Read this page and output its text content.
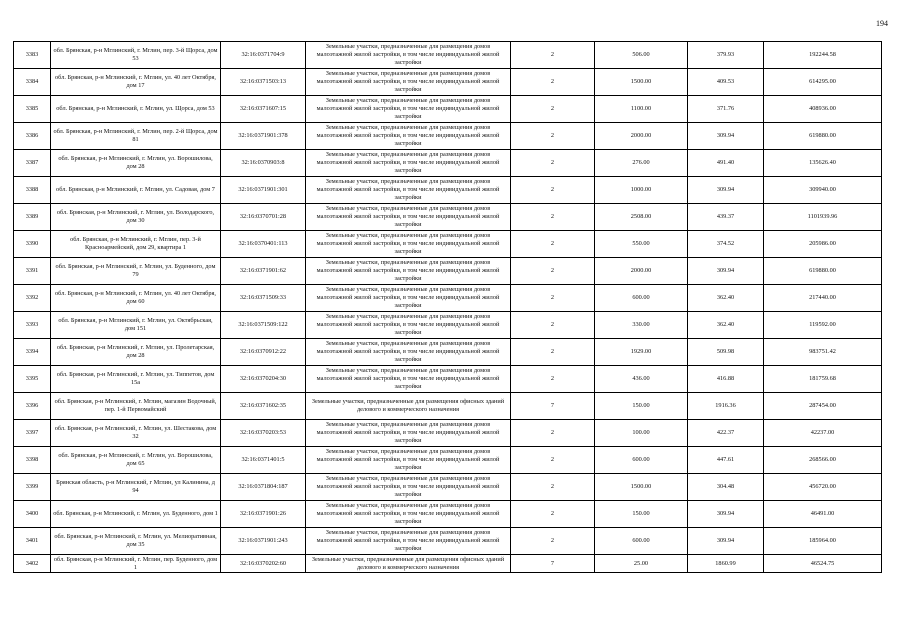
194
3383	обл. Брянская, р-н Мглинский, г. Мглин, пер. 3-й Щорса, дом 53	32:16:0371704:9	Земельные участки, предназначенные для размещения домов малоэтажной жилой застройки, в том числе индивидуальной жилой застройки	2	506.00	379.93	192244.58
3384	обл. Брянская, р-н Мглинский, г. Мглин, ул. 40 лет Октября, дом 17	32:16:0371503:13	Земельные участки, предназначенные для размещения домов малоэтажной жилой застройки, в том числе индивидуальной жилой застройки	2	1500.00	409.53	614295.00
3385	обл. Брянская, р-н Мглинский, г. Мглин, ул. Щорса, дом 53	32:16:0371607:15	Земельные участки, предназначенные для размещения домов малоэтажной жилой застройки, в том числе индивидуальной жилой застройки	2	1100.00	371.76	408936.00
3386	обл. Брянская, р-н Мглинский, г. Мглин, пер. 2-й Щорса, дом 81	32:16:0371901:378	Земельные участки, предназначенные для размещения домов малоэтажной жилой застройки, в том числе индивидуальной жилой застройки	2	2000.00	309.94	619880.00
3387	обл. Брянская, р-н Мглинский, г. Мглин, ул. Ворошилова, дом 28	32:16:0370903:8	Земельные участки, предназначенные для размещения домов малоэтажной жилой застройки, в том числе индивидуальной жилой застройки	2	276.00	491.40	135626.40
3388	обл. Брянская, р-н Мглинский, г. Мглин, ул. Садовая, дом 7	32:16:0371901:301	Земельные участки, предназначенные для размещения домов малоэтажной жилой застройки, в том числе индивидуальной жилой застройки	2	1000.00	309.94	309940.00
3389	обл. Брянская, р-н Мглинский, г. Мглин, ул. Володарского, дом 30	32:16:0370701:28	Земельные участки, предназначенные для размещения домов малоэтажной жилой застройки, в том числе индивидуальной жилой застройки	2	2508.00	439.37	1101939.96
3390	обл. Брянская, р-н Мглинский, г. Мглин, пер. 3-й Красноармейский, дом 29, квартира 1	32:16:0370401:113	Земельные участки, предназначенные для размещения домов малоэтажной жилой застройки, в том числе индивидуальной жилой застройки	2	550.00	374.52	205986.00
3391	обл. Брянская, р-н Мглинский, г. Мглин, ул. Буденного, дом 79	32:16:0371901:62	Земельные участки, предназначенные для размещения домов малоэтажной жилой застройки, в том числе индивидуальной жилой застройки	2	2000.00	309.94	619880.00
3392	обл. Брянская, р-н Мглинский, г. Мглин, ул. 40 лет Октября, дом 60	32:16:0371509:33	Земельные участки, предназначенные для размещения домов малоэтажной жилой застройки, в том числе индивидуальной жилой застройки	2	600.00	362.40	217440.00
3393	обл. Брянская, р-н Мглинский, г. Мглин, ул. Октябрьская, дом 151	32:16:0371509:122	Земельные участки, предназначенные для размещения домов малоэтажной жилой застройки, в том числе индивидуальной жилой застройки	2	330.00	362.40	119592.00
3394	обл. Брянская, р-н Мглинский, г. Мглин, ул. Пролетарская, дом 28	32:16:0370912:22	Земельные участки, предназначенные для размещения домов малоэтажной жилой застройки, в том числе индивидуальной жилой застройки	2	1929.00	509.98	983751.42
3395	обл. Брянская, р-н Мглинский, г. Мглин, ул. Типпетов, дом 15а	32:16:0370204:30	Земельные участки, предназначенные для размещения домов малоэтажной жилой застройки, в том числе индивидуальной жилой застройки	2	436.00	416.88	181759.68
3396	обл. Брянская, р-н Мглинский, г. Мглин, магазин Водочный, пер. 1-й Первомайский	32:16:0371602:35	Земельные участки, предназначенные для размещения офисных зданий делового и коммерческого назначения	7	150.00	1916.36	287454.00
3397	обл. Брянская, р-н Мглинский, г. Мглин, ул. Шестакова, дом 32	32:16:0370203:53	Земельные участки, предназначенные для размещения домов малоэтажной жилой застройки, в том числе индивидуальной жилой застройки	2	100.00	422.37	42237.00
3398	обл. Брянская, р-н Мглинский, г. Мглин, ул. Ворошилова, дом 65	32:16:0371401:5	Земельные участки, предназначенные для размещения домов малоэтажной жилой застройки, в том числе индивидуальной жилой застройки	2	600.00	447.61	268566.00
3399	Брянская область, р-н Мглинский, г Мглин, ул Калинина, д 94	32:16:0371804:187	Земельные участки, предназначенные для размещения домов малоэтажной жилой застройки, в том числе индивидуальной жилой застройки	2	1500.00	304.48	456720.00
3400	обл. Брянская, р-н Мглинский, г. Мглин, ул. Буденного, дом 1	32:16:0371901:26	Земельные участки, предназначенные для размещения домов малоэтажной жилой застройки, в том числе индивидуальной жилой застройки	2	150.00	309.94	46491.00
3401	обл. Брянская, р-н Мглинский, г. Мглин, ул. Мелиоративная, дом 35	32:16:0371901:243	Земельные участки, предназначенные для размещения домов малоэтажной жилой застройки, в том числе индивидуальной жилой застройки	2	600.00	309.94	185964.00
3402	обл. Брянская, р-н Мглинский, г. Мглин, пер. Буденного, дом 1	32:16:0370202:60	Земельные участки, предназначенные для размещения офисных зданий делового и коммерческого назначения	7	25.00	1860.99	46524.75
